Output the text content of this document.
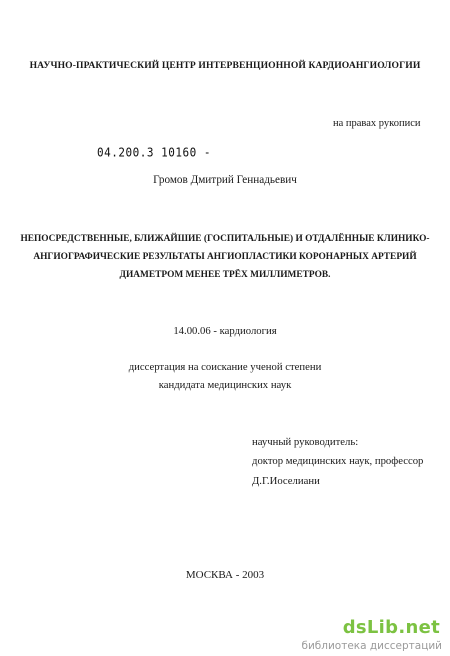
НАУЧНО-ПРАКТИЧЕСКИЙ ЦЕНТР ИНТЕРВЕНЦИОННОЙ КАРДИОАНГИОЛОГИИ
на правах рукописи
04.200.3 10160 -
Громов Дмитрий Геннадьевич
НЕПОСРЕДСТВЕННЫЕ, БЛИЖАЙШИЕ (ГОСПИТАЛЬНЫЕ) И ОТДАЛЁННЫЕ КЛИНИКО-
АНГИОГРАФИЧЕСКИЕ РЕЗУЛЬТАТЫ АНГИОПЛАСТИКИ КОРОНАРНЫХ АРТЕРИЙ
ДИАМЕТРОМ МЕНЕЕ ТРЁХ МИЛЛИМЕТРОВ.
14.00.06 - кардиология
диссертация на соискание ученой степени
кандидата медицинских наук
научный руководитель:
доктор медицинских наук, профессор
Д.Г.Иоселиани
МОСКВА - 2003
dsLib.net
библиотека диссертаций
